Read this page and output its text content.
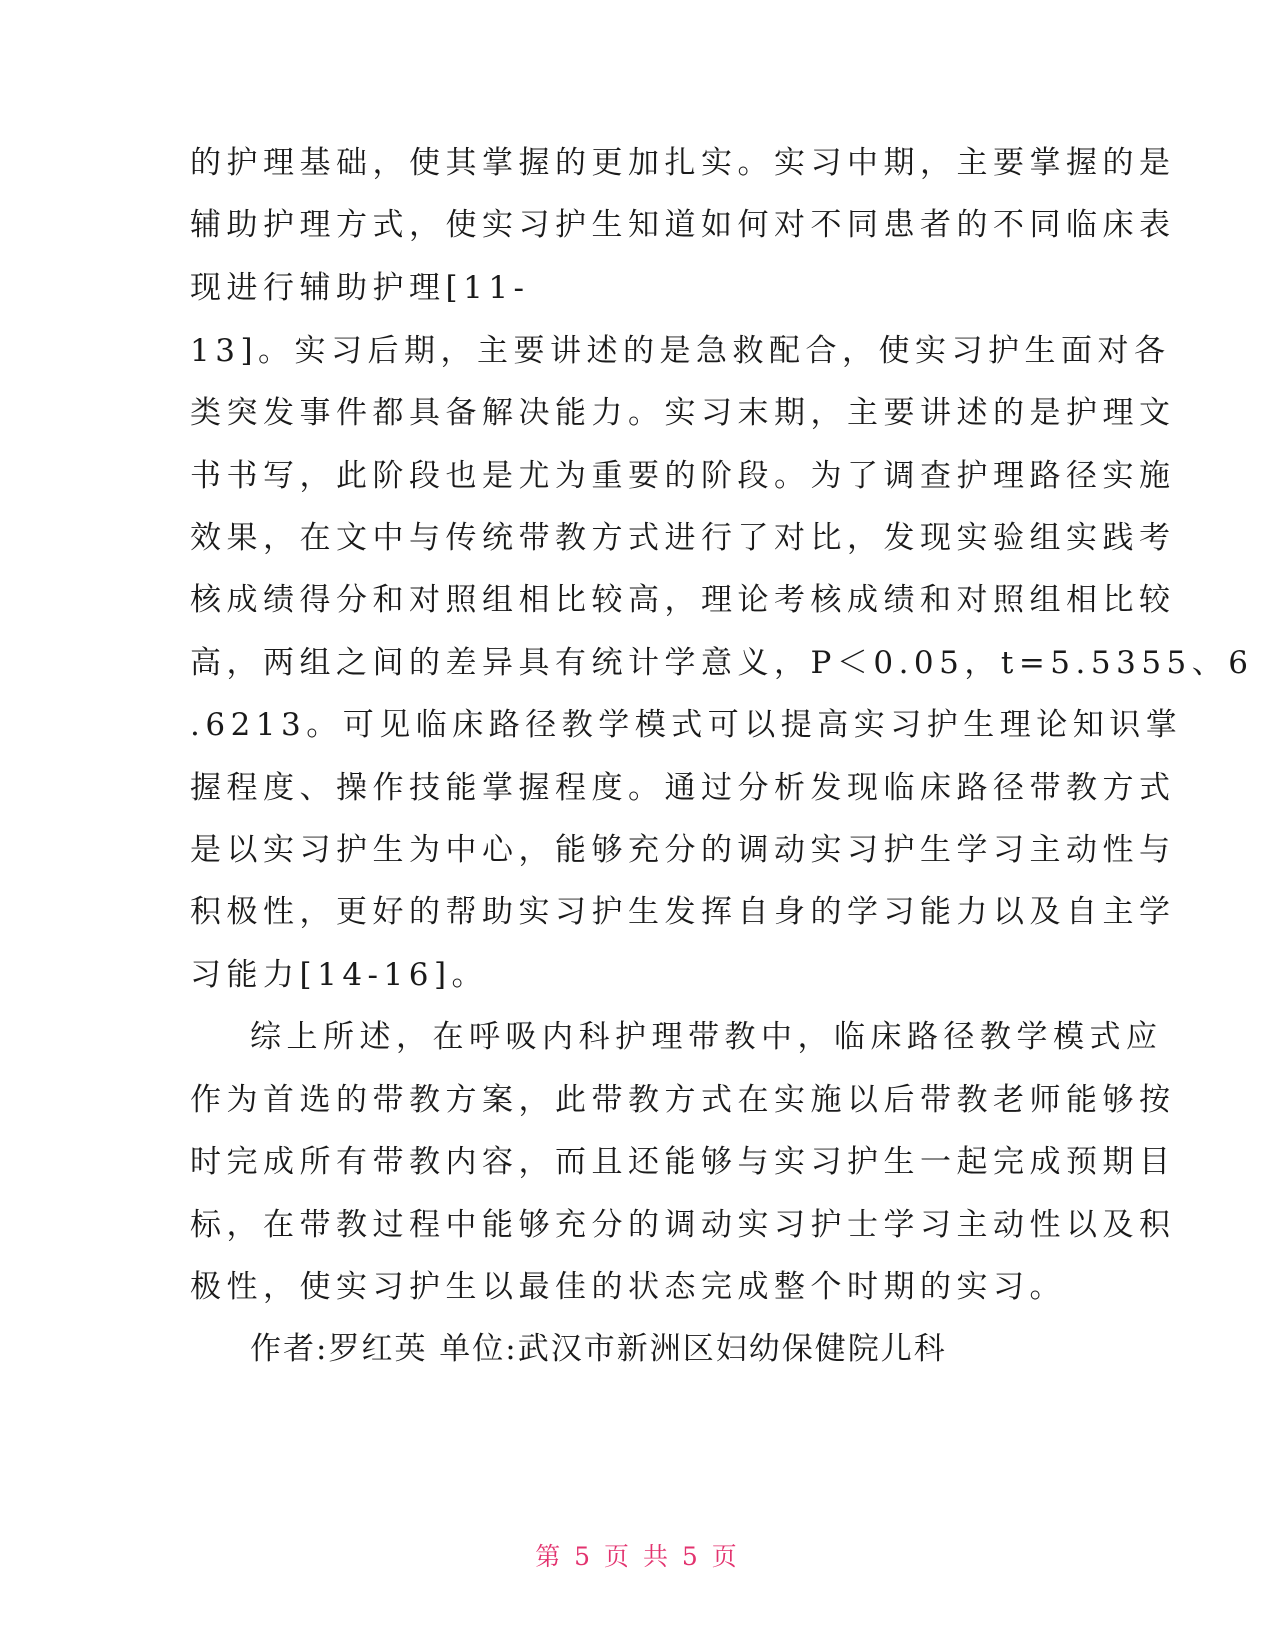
的护理基础，使其掌握的更加扎实。实习中期，主要掌握的是
辅助护理方式，使实习护生知道如何对不同患者的不同临床表
现进行辅助护理[11-
13]。实习后期，主要讲述的是急救配合，使实习护生面对各
类突发事件都具备解决能力。实习末期，主要讲述的是护理文
书书写，此阶段也是尤为重要的阶段。为了调查护理路径实施
效果，在文中与传统带教方式进行了对比，发现实验组实践考
核成绩得分和对照组相比较高，理论考核成绩和对照组相比较
高，两组之间的差异具有统计学意义，P＜0.05，t=5.5355、6
.6213。可见临床路径教学模式可以提高实习护生理论知识掌
握程度、操作技能掌握程度。通过分析发现临床路径带教方式
是以实习护生为中心，能够充分的调动实习护生学习主动性与
积极性，更好的帮助实习护生发挥自身的学习能力以及自主学
习能力[14-16]。
综上所述，在呼吸内科护理带教中，临床路径教学模式应
作为首选的带教方案，此带教方式在实施以后带教老师能够按
时完成所有带教内容，而且还能够与实习护生一起完成预期目
标，在带教过程中能够充分的调动实习护士学习主动性以及积
极性，使实习护生以最佳的状态完成整个时期的实习。
作者:罗红英 单位:武汉市新洲区妇幼保健院儿科
第 5 页 共 5 页
